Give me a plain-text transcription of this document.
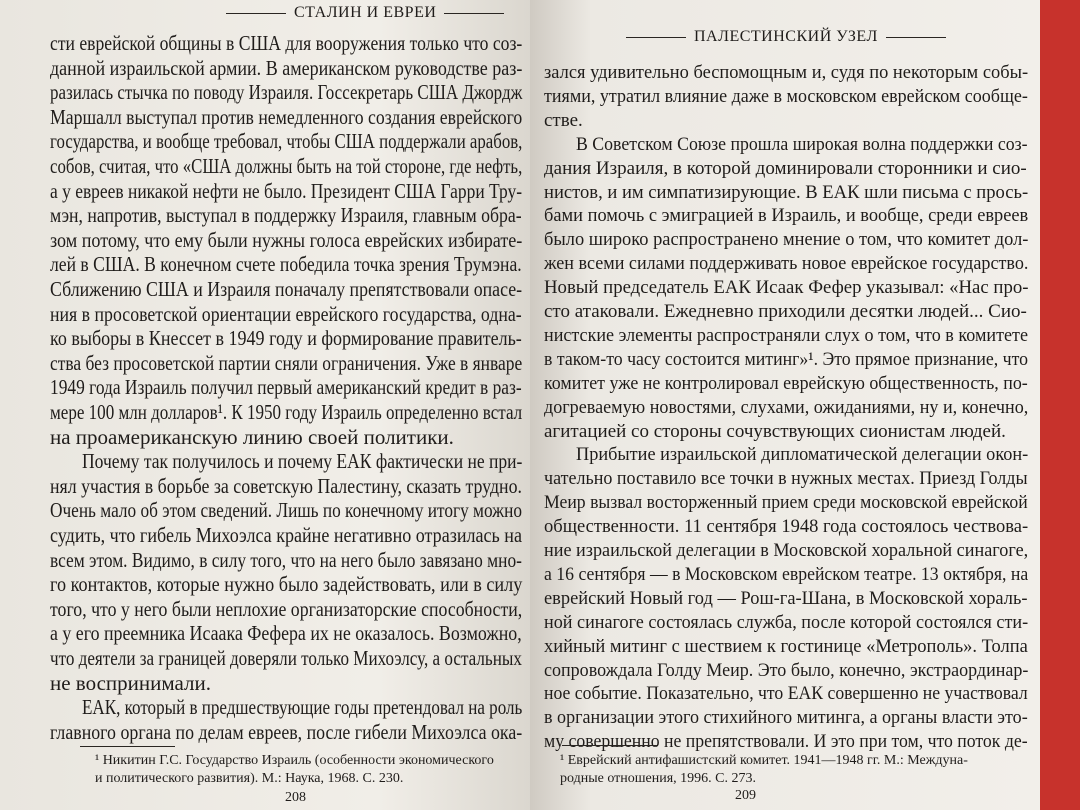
СТАЛИН И ЕВРЕИ
сти еврейской общины в США для вооружения только что соз-
данной израильской армии. В американском руководстве раз-
разилась стычка по поводу Израиля. Госсекретарь США Джордж
Маршалл выступал против немедленного создания еврейского
государства, и вообще требовал, чтобы США поддержали арабов,
собов, считая, что «США должны быть на той стороне, где нефть,
а у евреев никакой нефти не было. Президент США Гарри Тру-
мэн, напротив, выступал в поддержку Израиля, главным обра-
зом потому, что ему были нужны голоса еврейских избирате-
лей в США. В конечном счете победила точка зрения Трумэна.
Сближению США и Израиля поначалу препятствовали опасе-
ния в просоветской ориентации еврейского государства, одна-
ко выборы в Кнессет в 1949 году и формирование правитель-
ства без просоветской партии сняли ограничения. Уже в январе
1949 года Израиль получил первый американский кредит в раз-
мере 100 млн долларов¹. К 1950 году Израиль определенно встал
на проамериканскую линию своей политики.
Почему так получилось и почему ЕАК фактически не при-
нял участия в борьбе за советскую Палестину, сказать трудно.
Очень мало об этом сведений. Лишь по конечному итогу можно
судить, что гибель Михоэлса крайне негативно отразилась на
всем этом. Видимо, в силу того, что на него было завязано мно-
го контактов, которые нужно было задействовать, или в силу
того, что у него были неплохие организаторские способности,
а у его преемника Исаака Фефера их не оказалось. Возможно,
что деятели за границей доверяли только Михоэлсу, а остальных
не воспринимали.
ЕАК, который в предшествующие годы претендовал на роль
главного органа по делам евреев, после гибели Михоэлса ока-
¹ Никитин Г.С. Государство Израиль (особенности экономического
и политического развития). М.: Наука, 1968. С. 230.
208
ПАЛЕСТИНСКИЙ УЗЕЛ
зался удивительно беспомощным и, судя по некоторым собы-
тиями, утратил влияние даже в московском еврейском сообще-
стве.
В Советском Союзе прошла широкая волна поддержки соз-
дания Израиля, в которой доминировали сторонники и сио-
нистов, и им симпатизирующие. В ЕАК шли письма с прось-
бами помочь с эмиграцией в Израиль, и вообще, среди евреев
было широко распространено мнение о том, что комитет дол-
жен всеми силами поддерживать новое еврейское государство.
Новый председатель ЕАК Исаак Фефер указывал: «Нас про-
сто атаковали. Ежедневно приходили десятки людей... Сио-
нистские элементы распространяли слух о том, что в комитете
в таком-то часу состоится митинг»¹. Это прямое признание, что
комитет уже не контролировал еврейскую общественность, по-
догреваемую новостями, слухами, ожиданиями, ну и, конечно,
агитацией со стороны сочувствующих сионистам людей.
Прибытие израильской дипломатической делегации окон-
чательно поставило все точки в нужных местах. Приезд Голды
Меир вызвал восторженный прием среди московской еврейской
общественности. 11 сентября 1948 года состоялось чествова-
ние израильской делегации в Московской хоральной синагоге,
а 16 сентября — в Московском еврейском театре. 13 октября, на
еврейский Новый год — Рош-га-Шана, в Московской хораль-
ной синагоге состоялась служба, после которой состоялся сти-
хийный митинг с шествием к гостинице «Метрополь». Толпа
сопровождала Голду Меир. Это было, конечно, экстраординар-
ное событие. Показательно, что ЕАК совершенно не участвовал
в организации этого стихийного митинга, а органы власти это-
му совершенно не препятствовали. И это при том, что поток де-
¹ Еврейский антифашистский комитет. 1941—1948 гг. М.: Междуна-
родные отношения, 1996. С. 273.
209
